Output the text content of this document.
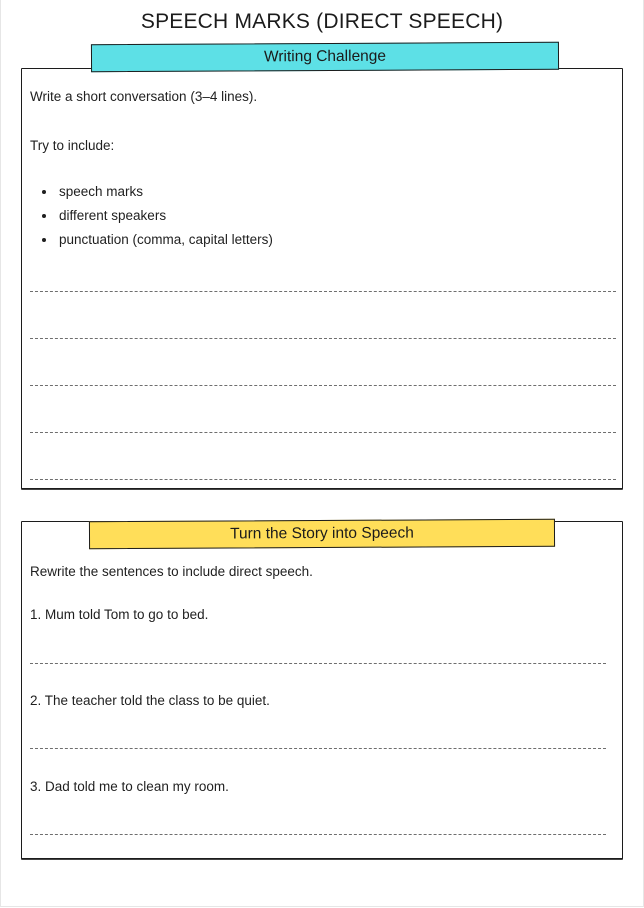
SPEECH MARKS (DIRECT SPEECH)
Writing Challenge
Write a short conversation (3–4 lines).
Try to include:
• speech marks
• different speakers
• punctuation (comma, capital letters)
Turn the Story into Speech
Rewrite the sentences to include direct speech.
1. Mum told Tom to go to bed.
2. The teacher told the class to be quiet.
3. Dad told me to clean my room.
